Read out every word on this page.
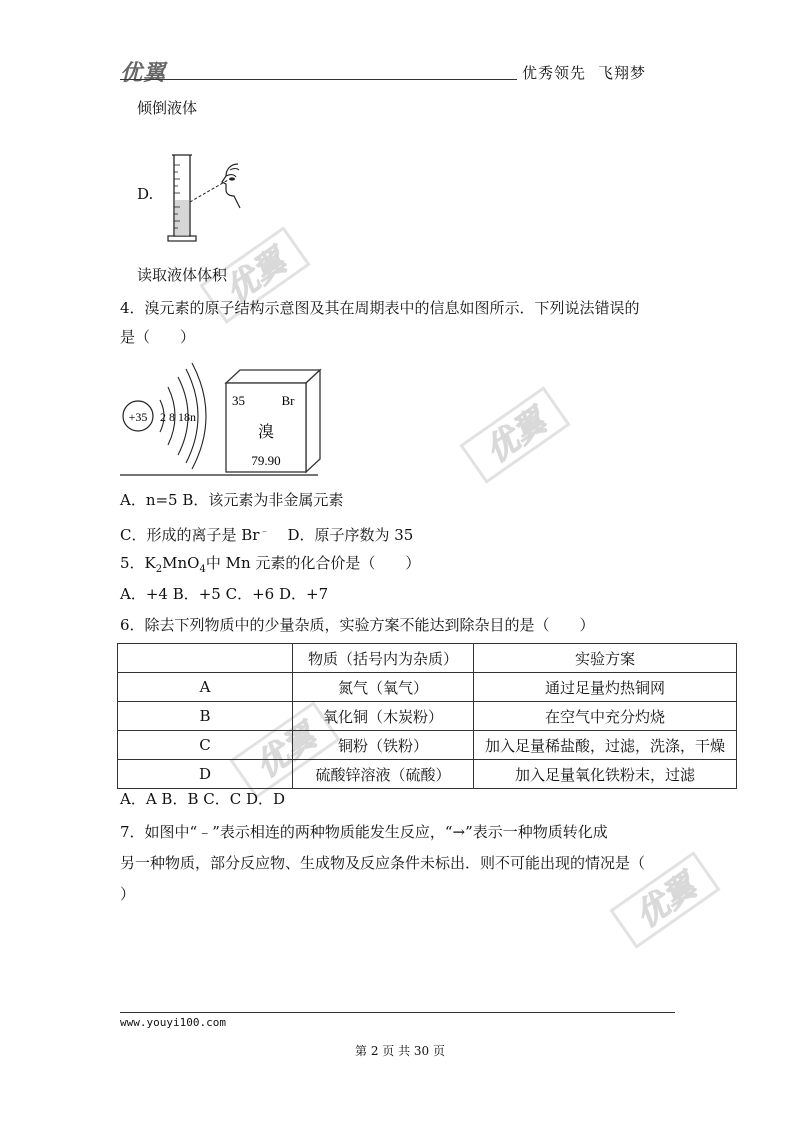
优翼	优秀领先 飞翔梦
优翼
优翼
优翼
优翼
倾倒液体
D.
读取液体体积
4．溴元素的原子结构示意图及其在周期表中的信息如图所示．下列说法错误的
是（　　）
+35 2 8 18n
35	Br
溴
79.90
A．n=5 B．该元素为非金属元素
C．形成的离子是 Br﹣ D．原子序数为 35
5．$K_2MnO_4$中 Mn 元素的化合价是（　　）
A．+4 B．+5 C．+6 D．+7
6．除去下列物质中的少量杂质，实验方案不能达到除杂目的是（　　）
	物质（括号内为杂质）	实验方案
A	氮气（氧气）	通过足量灼热铜网
B	氧化铜（木炭粉）	在空气中充分灼烧
C	铜粉（铁粉）	加入足量稀盐酸，过滤，洗涤，干燥
D	硫酸锌溶液（硫酸）	加入足量氧化铁粉末，过滤
A．A B．B C．C D．D
7．如图中“﹣”表示相连的两种物质能发生反应，“→”表示一种物质转化成
另一种物质，部分反应物、生成物及反应条件未标出．则不可能出现的情况是（
）
www.youyi100.com
第 2 页 共 30 页
